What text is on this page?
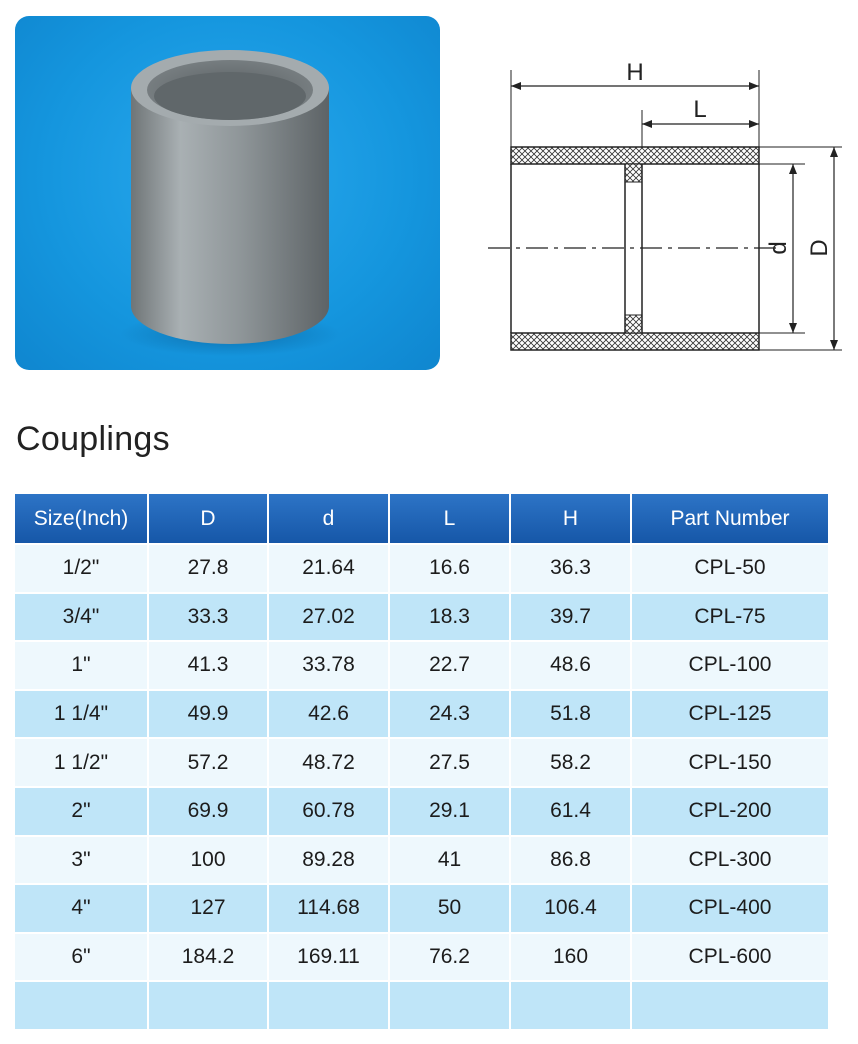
H
L
d D
Couplings
Size(Inch)	D	d	L	H	Part Number
1/2"	27.8	21.64	16.6	36.3	CPL-50
3/4"	33.3	27.02	18.3	39.7	CPL-75
1"	41.3	33.78	22.7	48.6	CPL-100
1 1/4"	49.9	42.6	24.3	51.8	CPL-125
1 1/2"	57.2	48.72	27.5	58.2	CPL-150
2"	69.9	60.78	29.1	61.4	CPL-200
3"	100	89.28	41	86.8	CPL-300
4"	127	114.68	50	106.4	CPL-400
6"	184.2	169.11	76.2	160	CPL-600
